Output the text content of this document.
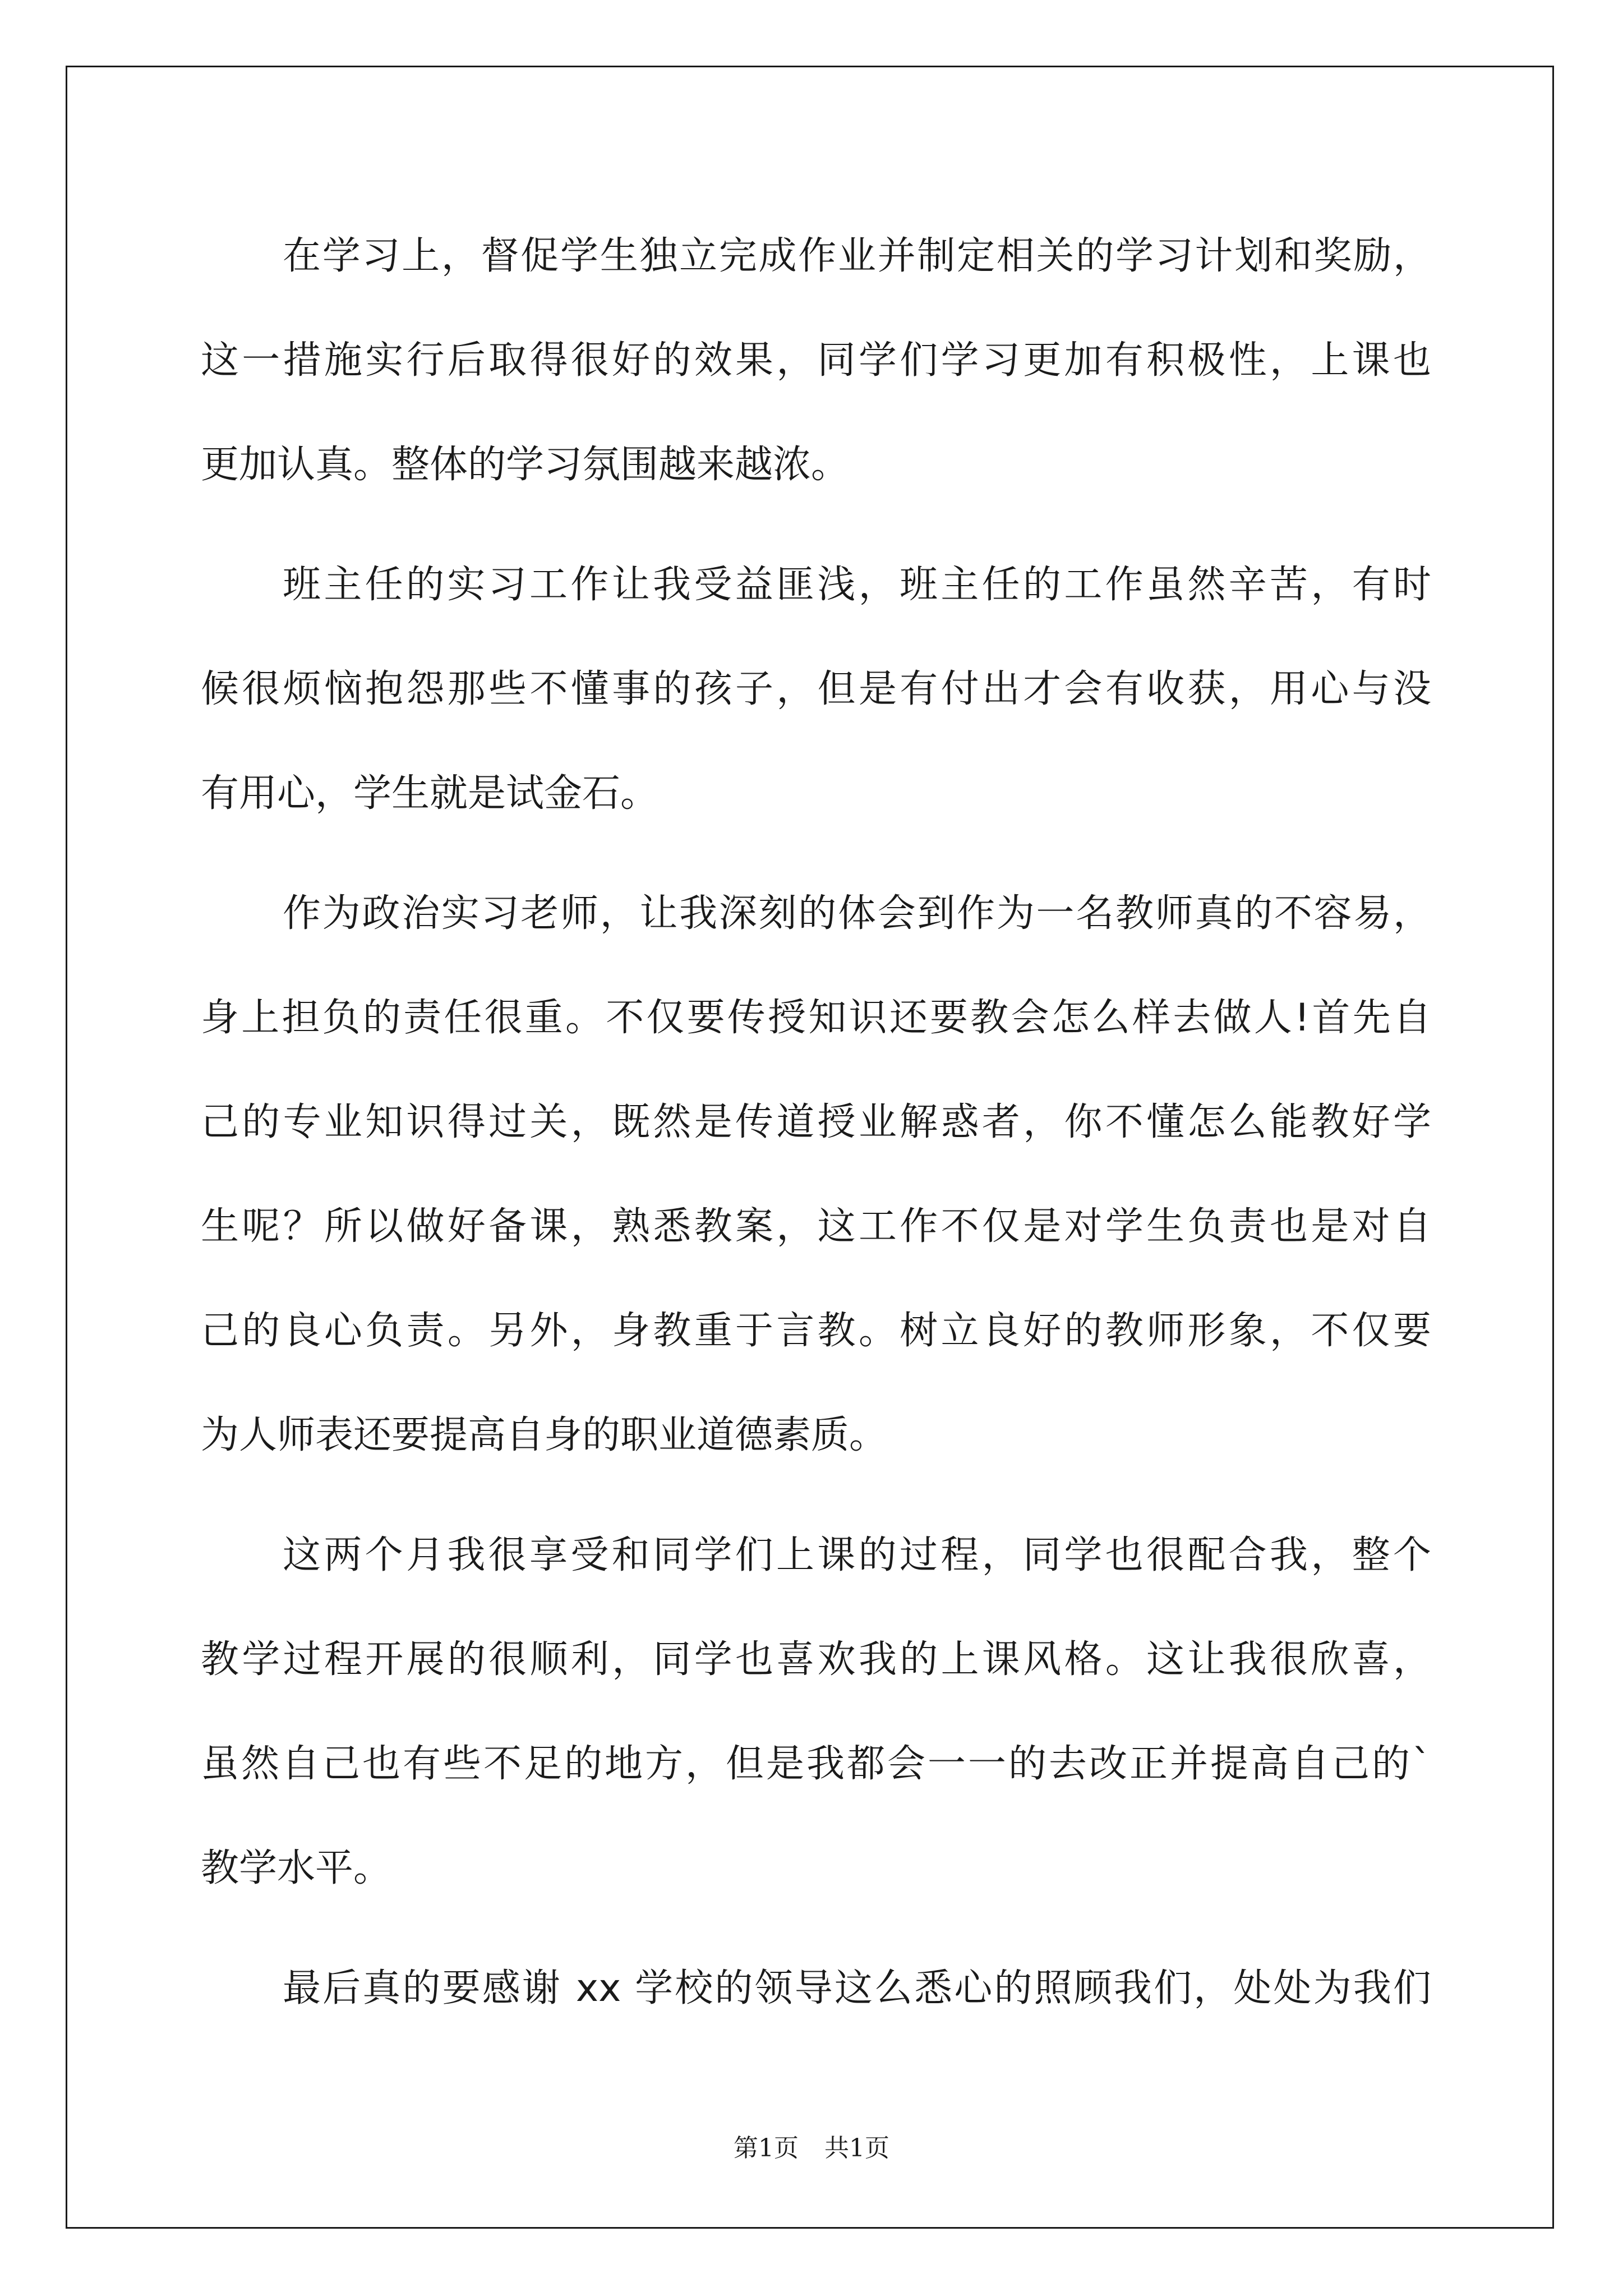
在学习上，督促学生独立完成作业并制定相关的学习计划和奖励，
这一措施实行后取得很好的效果，同学们学习更加有积极性，上课也
更加认真。整体的学习氛围越来越浓。
班主任的实习工作让我受益匪浅，班主任的工作虽然辛苦，有时
候很烦恼抱怨那些不懂事的孩子，但是有付出才会有收获，用心与没
有用心，学生就是试金石。
作为政治实习老师，让我深刻的体会到作为一名教师真的不容易，
身上担负的责任很重。不仅要传授知识还要教会怎么样去做人!首先自
己的专业知识得过关，既然是传道授业解惑者，你不懂怎么能教好学
生呢？所以做好备课，熟悉教案，这工作不仅是对学生负责也是对自
己的良心负责。另外，身教重于言教。树立良好的教师形象，不仅要
为人师表还要提高自身的职业道德素质。
这两个月我很享受和同学们上课的过程，同学也很配合我，整个
教学过程开展的很顺利，同学也喜欢我的上课风格。这让我很欣喜，
虽然自己也有些不足的地方，但是我都会一一的去改正并提高自己的`
教学水平。
最后真的要感谢 xx 学校的领导这么悉心的照顾我们，处处为我们
第1页 共1页
